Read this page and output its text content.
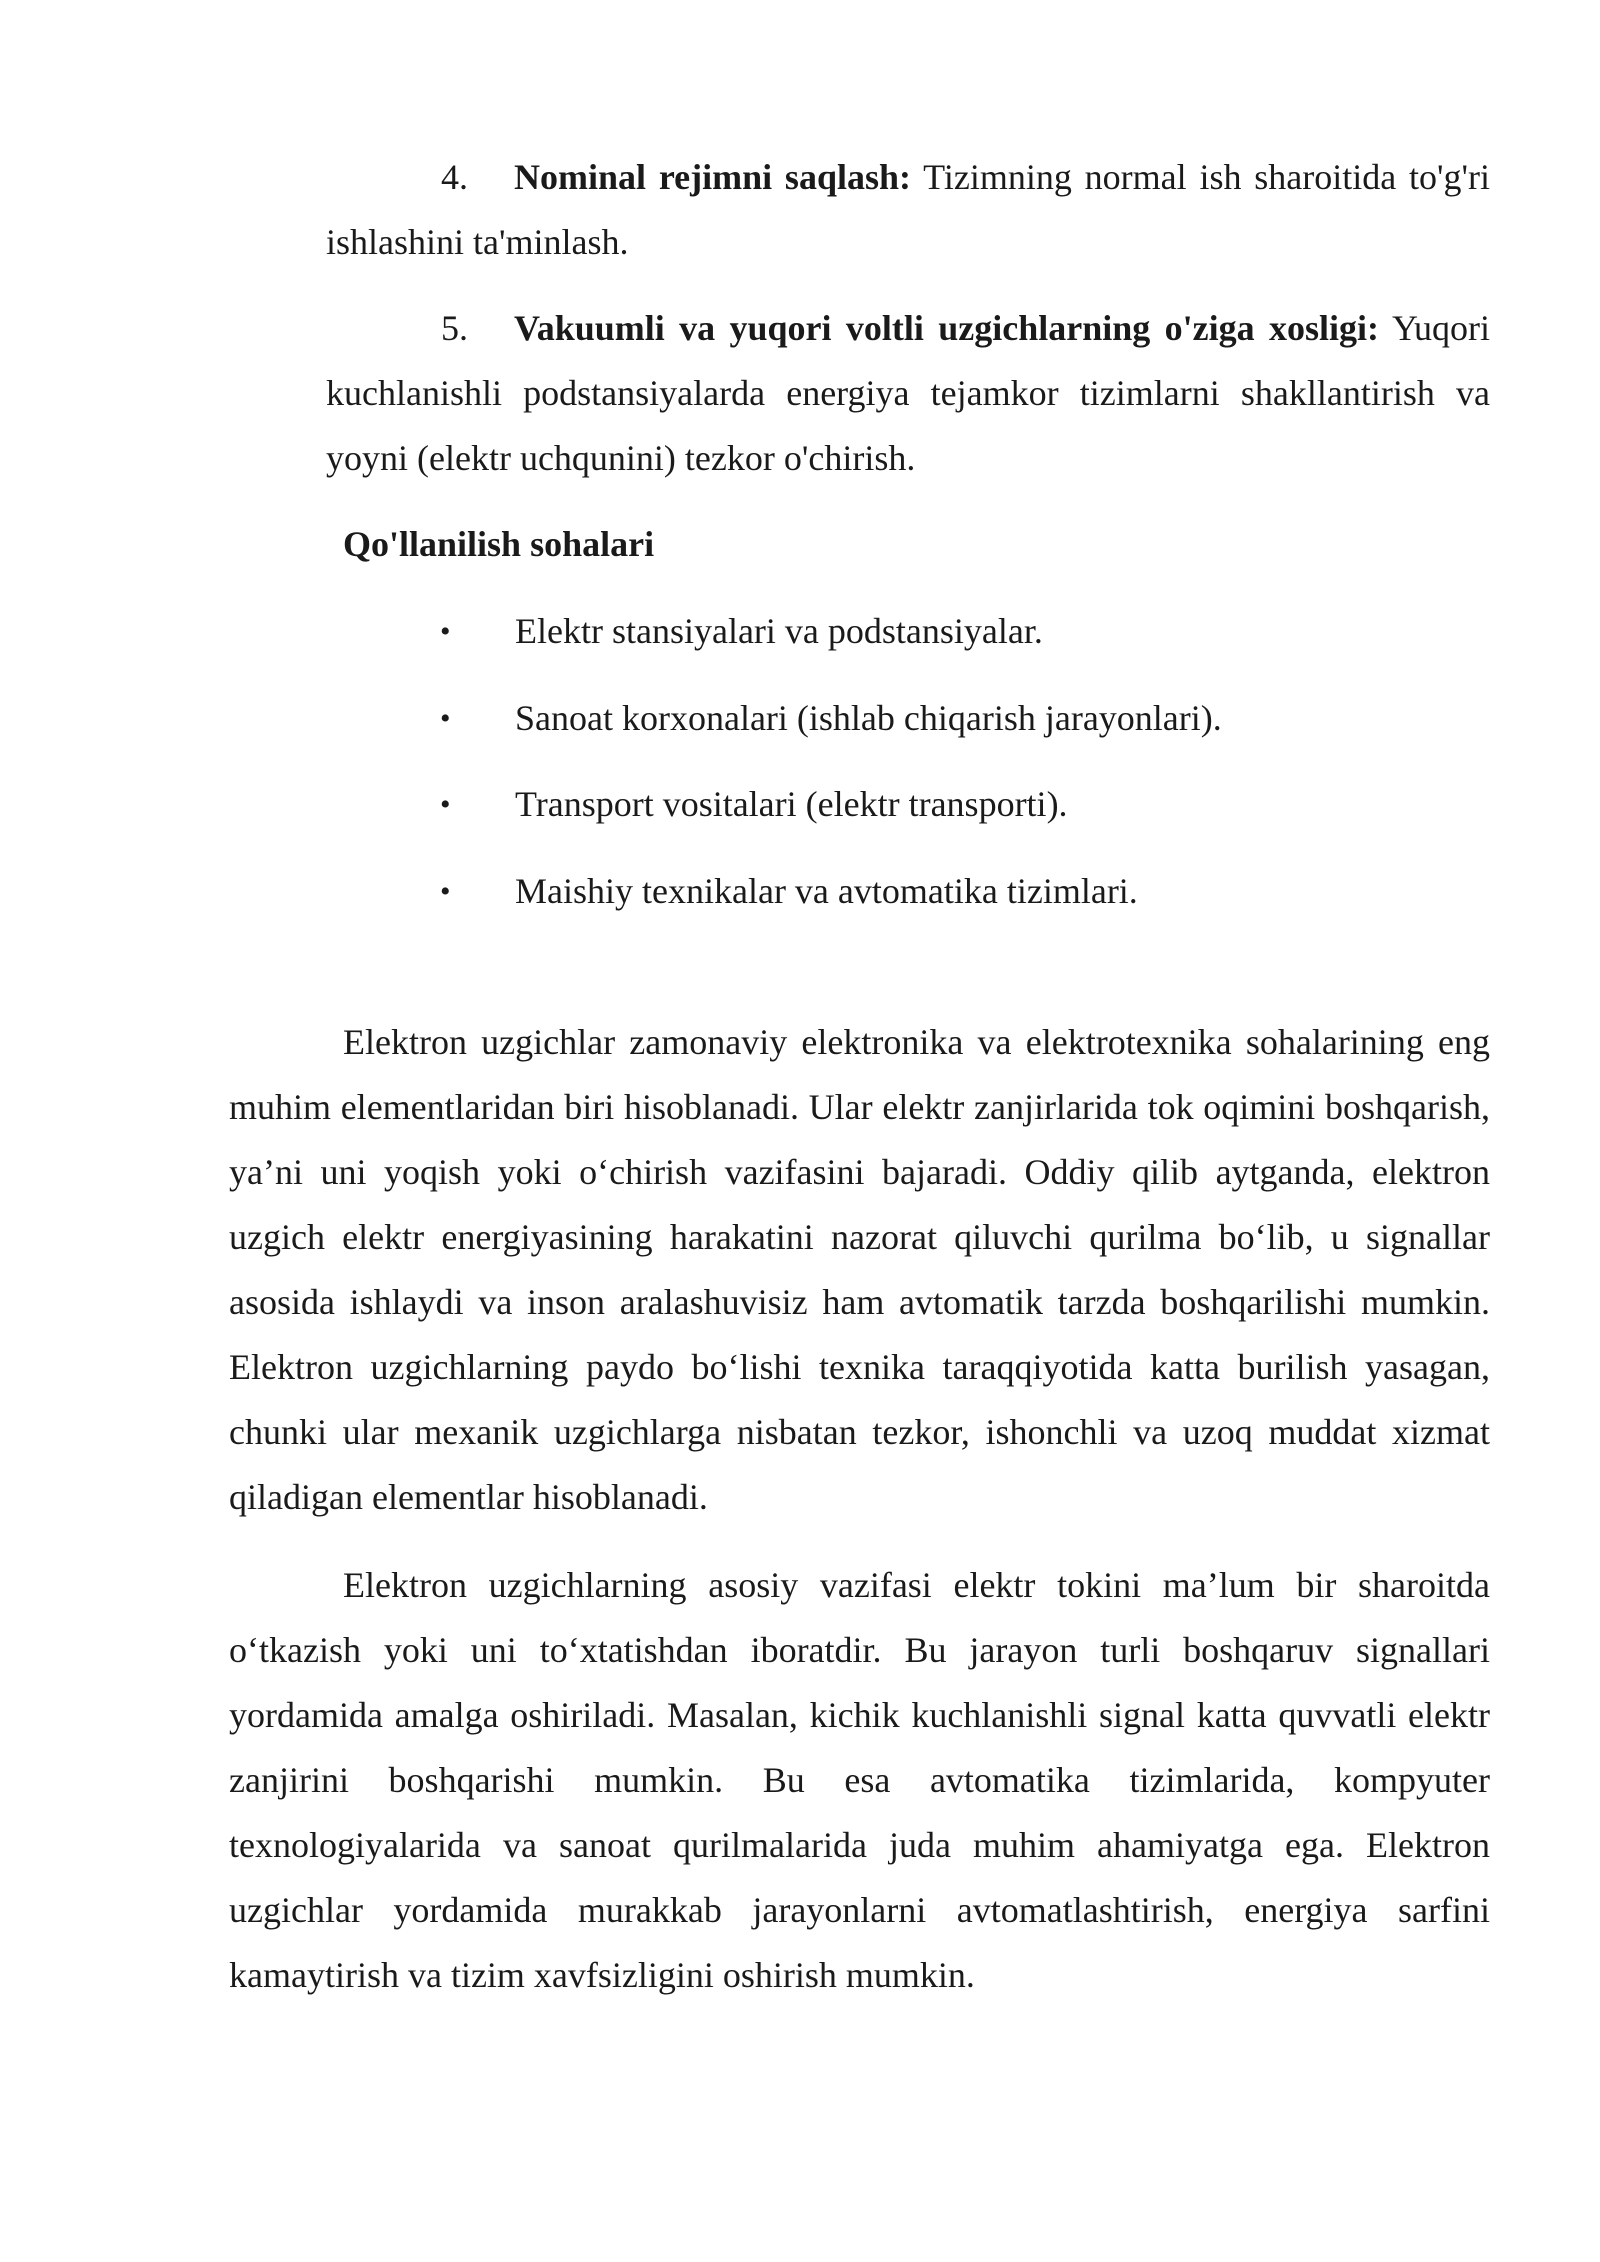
4. Nominal rejimni saqlash: Tizimning normal ish sharoitida to'g'ri ishlashini ta'minlash.

5. Vakuumli va yuqori voltli uzgichlarning o'ziga xosligi: Yuqori kuchlanishli podstansiyalarda energiya tejamkor tizimlarni shakllantirish va yoyni (elektr uchqunini) tezkor o'chirish.

Qo'llanilish sohalari

• Elektr stansiyalari va podstansiyalar.
• Sanoat korxonalari (ishlab chiqarish jarayonlari).
• Transport vositalari (elektr transporti).
• Maishiy texnikalar va avtomatika tizimlari.

Elektron uzgichlar zamonaviy elektronika va elektrotexnika sohalarining eng muhim elementlaridan biri hisoblanadi. Ular elektr zanjirlarida tok oqimini boshqarish, ya’ni uni yoqish yoki o‘chirish vazifasini bajaradi. Oddiy qilib aytganda, elektron uzgich elektr energiyasining harakatini nazorat qiluvchi qurilma bo‘lib, u signallar asosida ishlaydi va inson aralashuvisiz ham avtomatik tarzda boshqarilishi mumkin. Elektron uzgichlarning paydo bo‘lishi texnika taraqqiyotida katta burilish yasagan, chunki ular mexanik uzgichlarga nisbatan tezkor, ishonchli va uzoq muddat xizmat qiladigan elementlar hisoblanadi.

Elektron uzgichlarning asosiy vazifasi elektr tokini ma’lum bir sharoitda o‘tkazish yoki uni to‘xtatishdan iboratdir. Bu jarayon turli boshqaruv signallari yordamida amalga oshiriladi. Masalan, kichik kuchlanishli signal katta quvvatli elektr zanjirini boshqarishi mumkin. Bu esa avtomatika tizimlarida, kompyuter texnologiyalarida va sanoat qurilmalarida juda muhim ahamiyatga ega. Elektron uzgichlar yordamida murakkab jarayonlarni avtomatlashtirish, energiya sarfini kamaytirish va tizim xavfsizligini oshirish mumkin.
